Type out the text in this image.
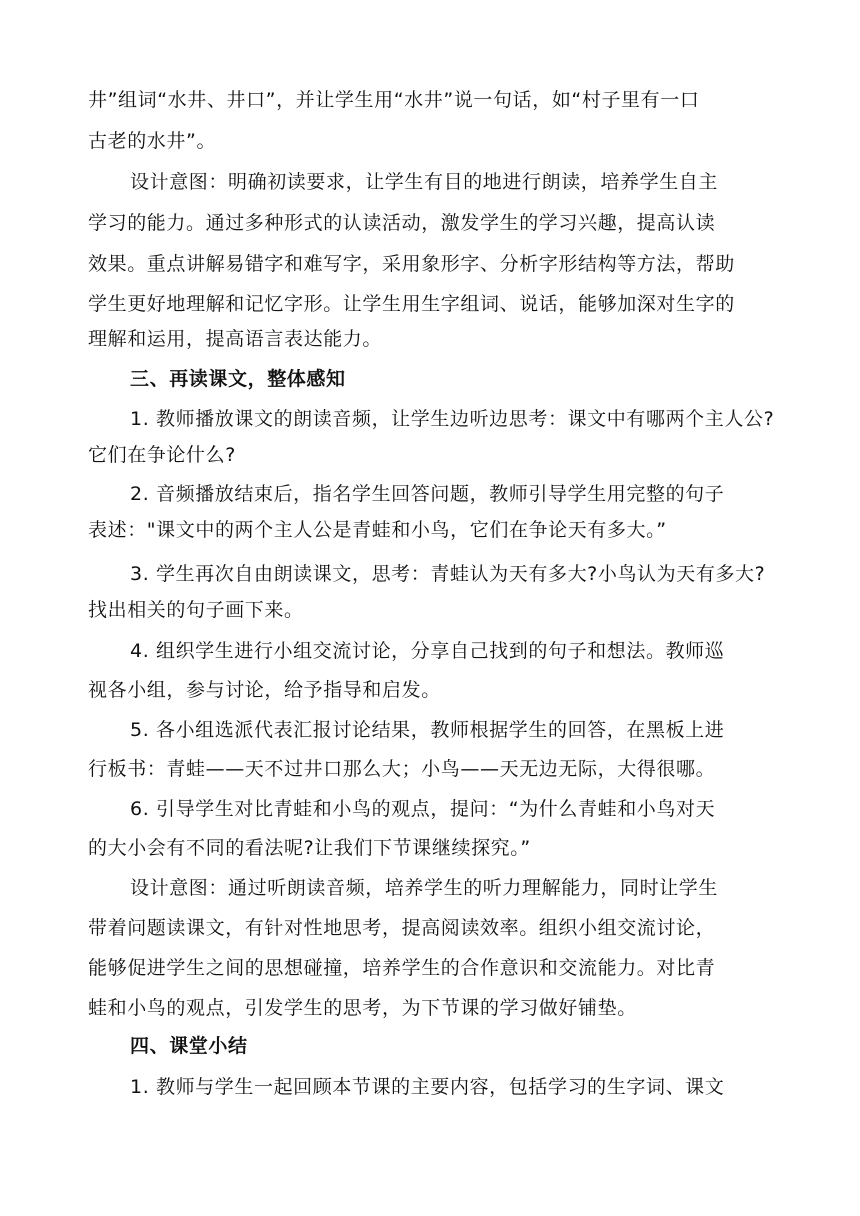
井”组词“水井、井口”，并让学生用“水井”说一句话，如“村子里有一口
古老的水井”。
设计意图：明确初读要求，让学生有目的地进行朗读，培养学生自主
学习的能力。通过多种形式的认读活动，激发学生的学习兴趣，提高认读
效果。重点讲解易错字和难写字，采用象形字、分析字形结构等方法，帮助
学生更好地理解和记忆字形。让学生用生字组词、说话，能够加深对生字的
理解和运用，提高语言表达能力。
三、再读课文，整体感知
1. 教师播放课文的朗读音频，让学生边听边思考：课文中有哪两个主人公?
它们在争论什么?
2. 音频播放结束后，指名学生回答问题，教师引导学生用完整的句子
表述："课文中的两个主人公是青蛙和小鸟，它们在争论天有多大。”
3. 学生再次自由朗读课文，思考：青蛙认为天有多大?小鸟认为天有多大?
找出相关的句子画下来。
4. 组织学生进行小组交流讨论，分享自己找到的句子和想法。教师巡
视各小组，参与讨论，给予指导和启发。
5. 各小组选派代表汇报讨论结果，教师根据学生的回答，在黑板上进
行板书：青蛙——天不过井口那么大；小鸟——天无边无际，大得很哪。
6. 引导学生对比青蛙和小鸟的观点，提问：“为什么青蛙和小鸟对天
的大小会有不同的看法呢?让我们下节课继续探究。”
设计意图：通过听朗读音频，培养学生的听力理解能力，同时让学生
带着问题读课文，有针对性地思考，提高阅读效率。组织小组交流讨论，
能够促进学生之间的思想碰撞，培养学生的合作意识和交流能力。对比青
蛙和小鸟的观点，引发学生的思考，为下节课的学习做好铺垫。
四、课堂小结
1. 教师与学生一起回顾本节课的主要内容，包括学习的生字词、课文
